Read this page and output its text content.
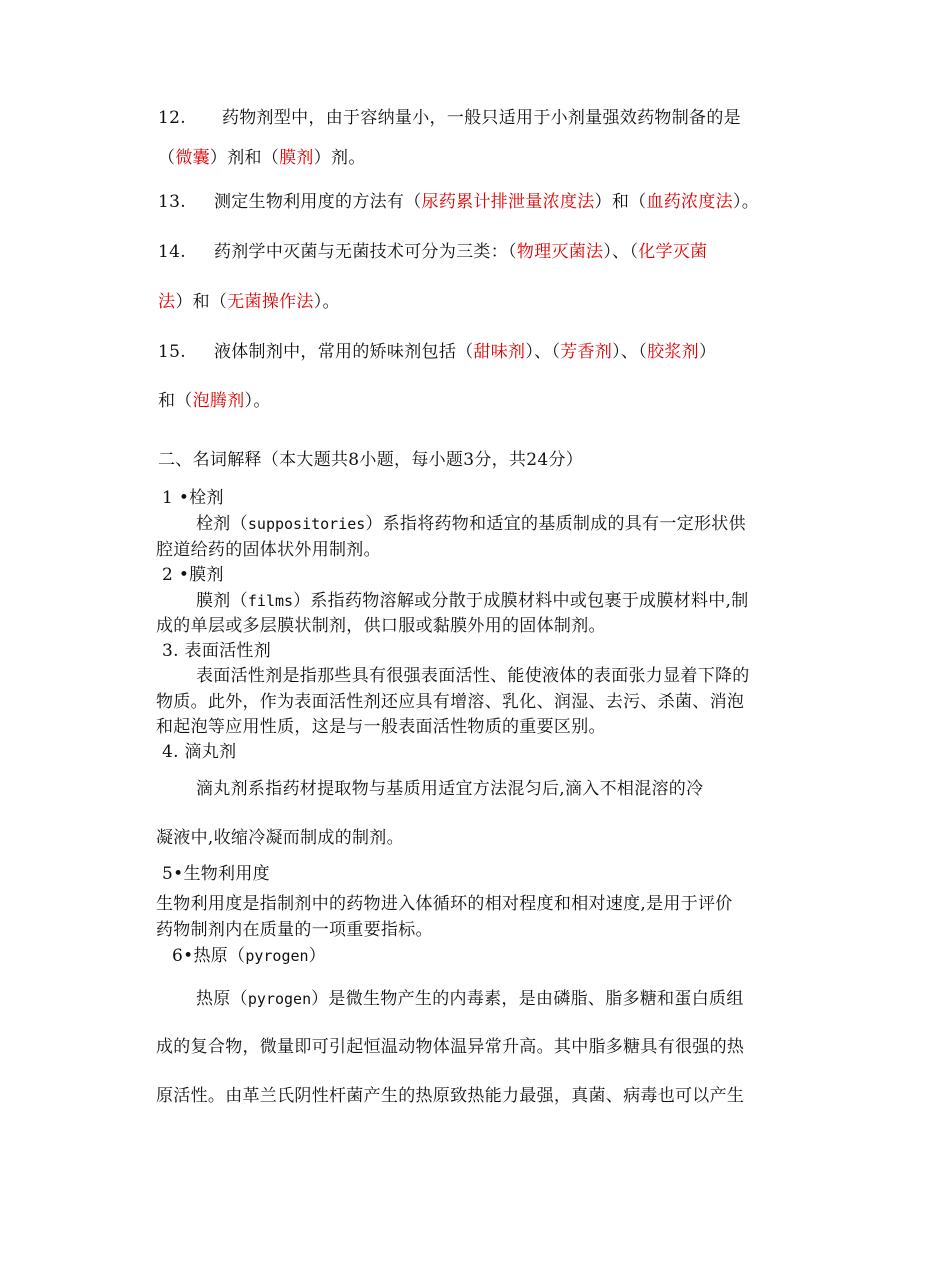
12. 药物剂型中，由于容纳量小，一般只适用于小剂量强效药物制备的是
（微囊）剂和（膜剂）剂。
13. 测定生物利用度的方法有（尿药累计排泄量浓度法）和（血药浓度法）。
14. 药剂学中灭菌与无菌技术可分为三类：（物理灭菌法）、（化学灭菌
法）和（无菌操作法）。
15. 液体制剂中，常用的矫味剂包括（甜味剂）、（芳香剂）、（胶浆剂）
和（泡腾剂）。
二、名词解释（本大题共8小题，每小题3分，共24分）
1 •栓剂
栓剂（suppositories）系指将药物和适宜的基质制成的具有一定形状供
腔道给药的固体状外用制剂。
2 •膜剂
膜剂（films）系指药物溶解或分散于成膜材料中或包裹于成膜材料中,制
成的单层或多层膜状制剂，供口服或黏膜外用的固体制剂。
3. 表面活性剂
表面活性剂是指那些具有很强表面活性、能使液体的表面张力显着下降的
物质。此外，作为表面活性剂还应具有增溶、乳化、润湿、去污、杀菌、消泡
和起泡等应用性质，这是与一般表面活性物质的重要区别。
4. 滴丸剂
滴丸剂系指药材提取物与基质用适宜方法混匀后,滴入不相混溶的冷
凝液中,收缩冷凝而制成的制剂。
5•生物利用度
生物利用度是指制剂中的药物进入体循环的相对程度和相对速度,是用于评价
药物制剂内在质量的一项重要指标。
6•热原（pyrogen）
热原（pyrogen）是微生物产生的内毒素，是由磷脂、脂多糖和蛋白质组
成的复合物，微量即可引起恒温动物体温异常升高。其中脂多糖具有很强的热
原活性。由革兰氏阴性杆菌产生的热原致热能力最强，真菌、病毒也可以产生
